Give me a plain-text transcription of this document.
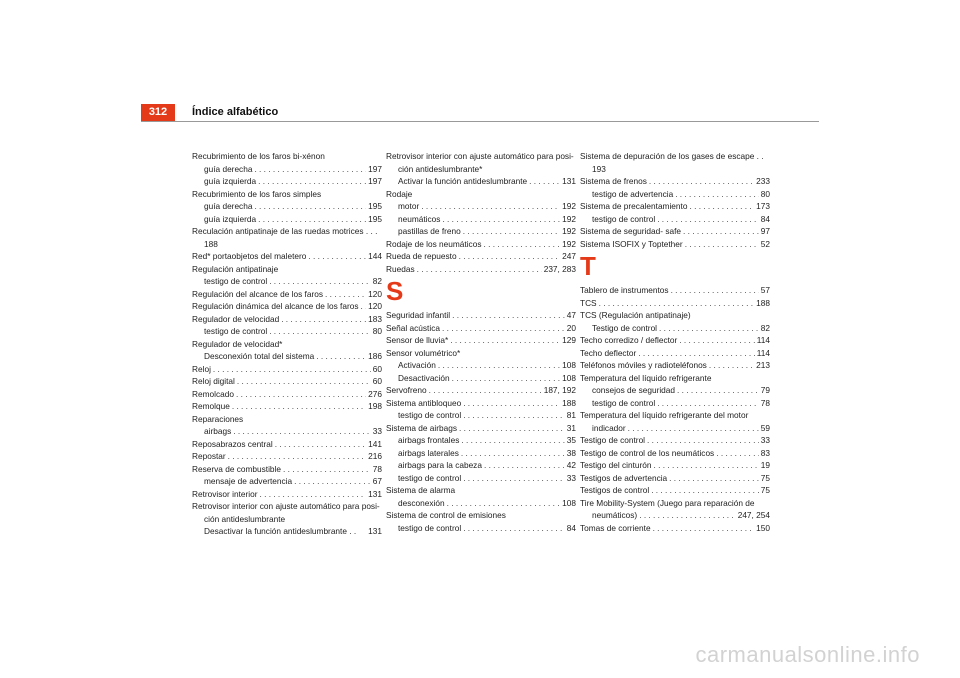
312	Índice alfabético
Recubrimiento de los faros bi-xénon
guía derecha . . .	197
guía izquierda . . .	197
Recubrimiento de los faros simples
guía derecha . . .	195
guía izquierda . . .	195
Reculación antipatinaje de las ruedas motrices . . .
188
Red* portaobjetos del maletero . . .	144
Regulación antipatinaje
testigo de control . . .	82
Regulación del alcance de los faros . . .	120
Regulación dinámica del alcance de los faros . . . 120
Regulador de velocidad . . .	183
testigo de control . . .	80
Regulador de velocidad*
Desconexión total del sistema . . .	186
Reloj . . .	60
Reloj digital . . .	60
Remolcado . . .	276
Remolque . . .	198
Reparaciones
airbags . . .	33
Reposabrazos central . . .	141
Repostar . . .	216
Reserva de combustible . . .	78
mensaje de advertencia . . .	67
Retrovisor interior . . .	131
Retrovisor interior con ajuste automático para posi-
ción antideslumbrante
Desactivar la función antideslumbrante . . 131
Retrovisor interior con ajuste automático para posi-
ción antideslumbrante*
Activar la función antideslumbrante . . .	131
Rodaje
motor . . .	192
neumáticos . . .	192
pastillas de freno . . .	192
Rodaje de los neumáticos . . .	192
Rueda de repuesto . . .	247
Ruedas . . .	237, 283
S
Seguridad infantil . . .	47
Señal acústica . . .	20
Sensor de lluvia* . . .	129
Sensor volumétrico*
Activación . . .	108
Desactivación . . .	108
Servofreno . . .	187, 192
Sistema antibloqueo . . .	188
testigo de control . . .	81
Sistema de airbags . . .	31
airbags frontales . . .	35
airbags laterales . . .	38
airbags para la cabeza . . .	42
testigo de control . . .	33
Sistema de alarma
desconexión . . .	108
Sistema de control de emisiones
testigo de control . . .	84
Sistema de depuración de los gases de escape . .
193
Sistema de frenos . . .	233
testigo de advertencia . . .	80
Sistema de precalentamiento . . .	173
testigo de control . . .	84
Sistema de seguridad- safe . . .	97
Sistema ISOFIX y Toptether . . .	52
T
Tablero de instrumentos . . .	57
TCS . . .	188
TCS (Regulación antipatinaje)
Testigo de control . . .	82
Techo corredizo / deflector . . .	114
Techo deflector . . .	114
Teléfonos móviles y radioteléfonos . . .	213
Temperatura del líquido refrigerante
consejos de seguridad . . .	79
testigo de control . . .	78
Temperatura del líquido refrigerante del motor
indicador . . .	59
Testigo de control . . .	33
Testigo de control de los neumáticos . . .	83
Testigo del cinturón . . .	19
Testigos de advertencia . . .	75
Testigos de control . . .	75
Tire Mobility-System (Juego para reparación de
neumáticos) . . .	247, 254
Tomas de corriente . . .	150
carmanualsonline.info
